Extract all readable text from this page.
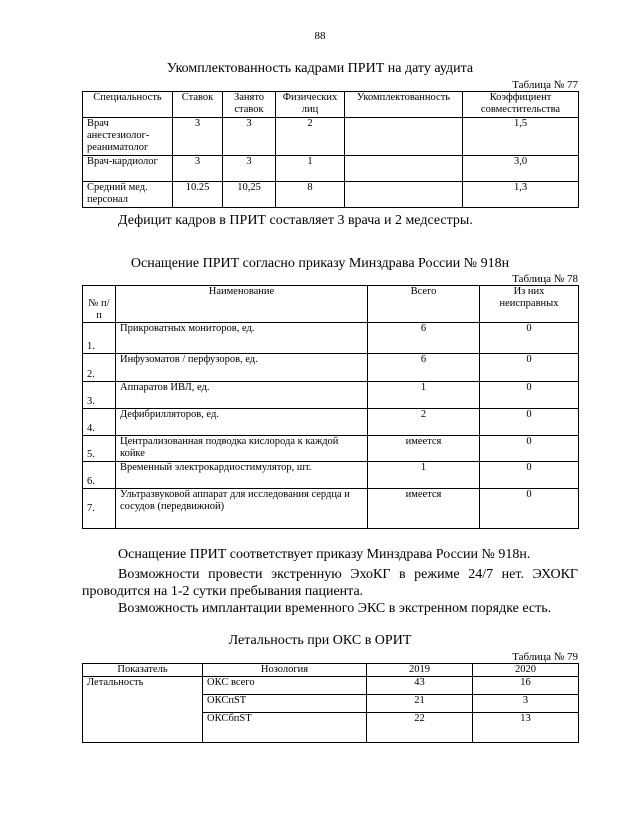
88
Укомплектованность кадрами ПРИТ на дату аудита
Таблица № 77
Специальность	Ставок	Занято ставок	Физических лиц	Укомплектованность	Коэффициент совместительства
Врач анестезиолог-реаниматолог	3	3	2		1,5
Врач-кардиолог	3	3	1		3,0
Средний мед. персонал	10.25	10,25	8		1,3
Дефицит кадров в ПРИТ составляет 3 врача и 2 медсестры.
Оснащение ПРИТ согласно приказу Минздрава России № 918н
Таблица № 78
№ п/п	Наименование	Всего	Из них неисправных
1.	Прикроватных мониторов, ед.	6	0
2.	Инфузоматов / перфузоров, ед.	6	0
3.	Аппаратов ИВЛ, ед.	1	0
4.	Дефибрилляторов, ед.	2	0
5.	Централизованная подводка кислорода к каждой койке	имеется	0
6.	Временный электрокардиостимулятор, шт.	1	0
7.	Ультразвуковой аппарат для исследования сердца и сосудов (передвижной)	имеется	0
Оснащение ПРИТ соответствует приказу Минздрава России № 918н.
Возможности провести экстренную ЭхоКГ в режиме 24/7 нет. ЭХОКГ проводится на 1-2 сутки пребывания пациента.
Возможность имплантации временного ЭКС в экстренном порядке есть.
Летальность при ОКС в ОРИТ
Таблица № 79
Показатель	Нозология	2019	2020
Летальность	ОКС всего	43	16
	ОКСпST	21	3
	ОКСбпST	22	13
